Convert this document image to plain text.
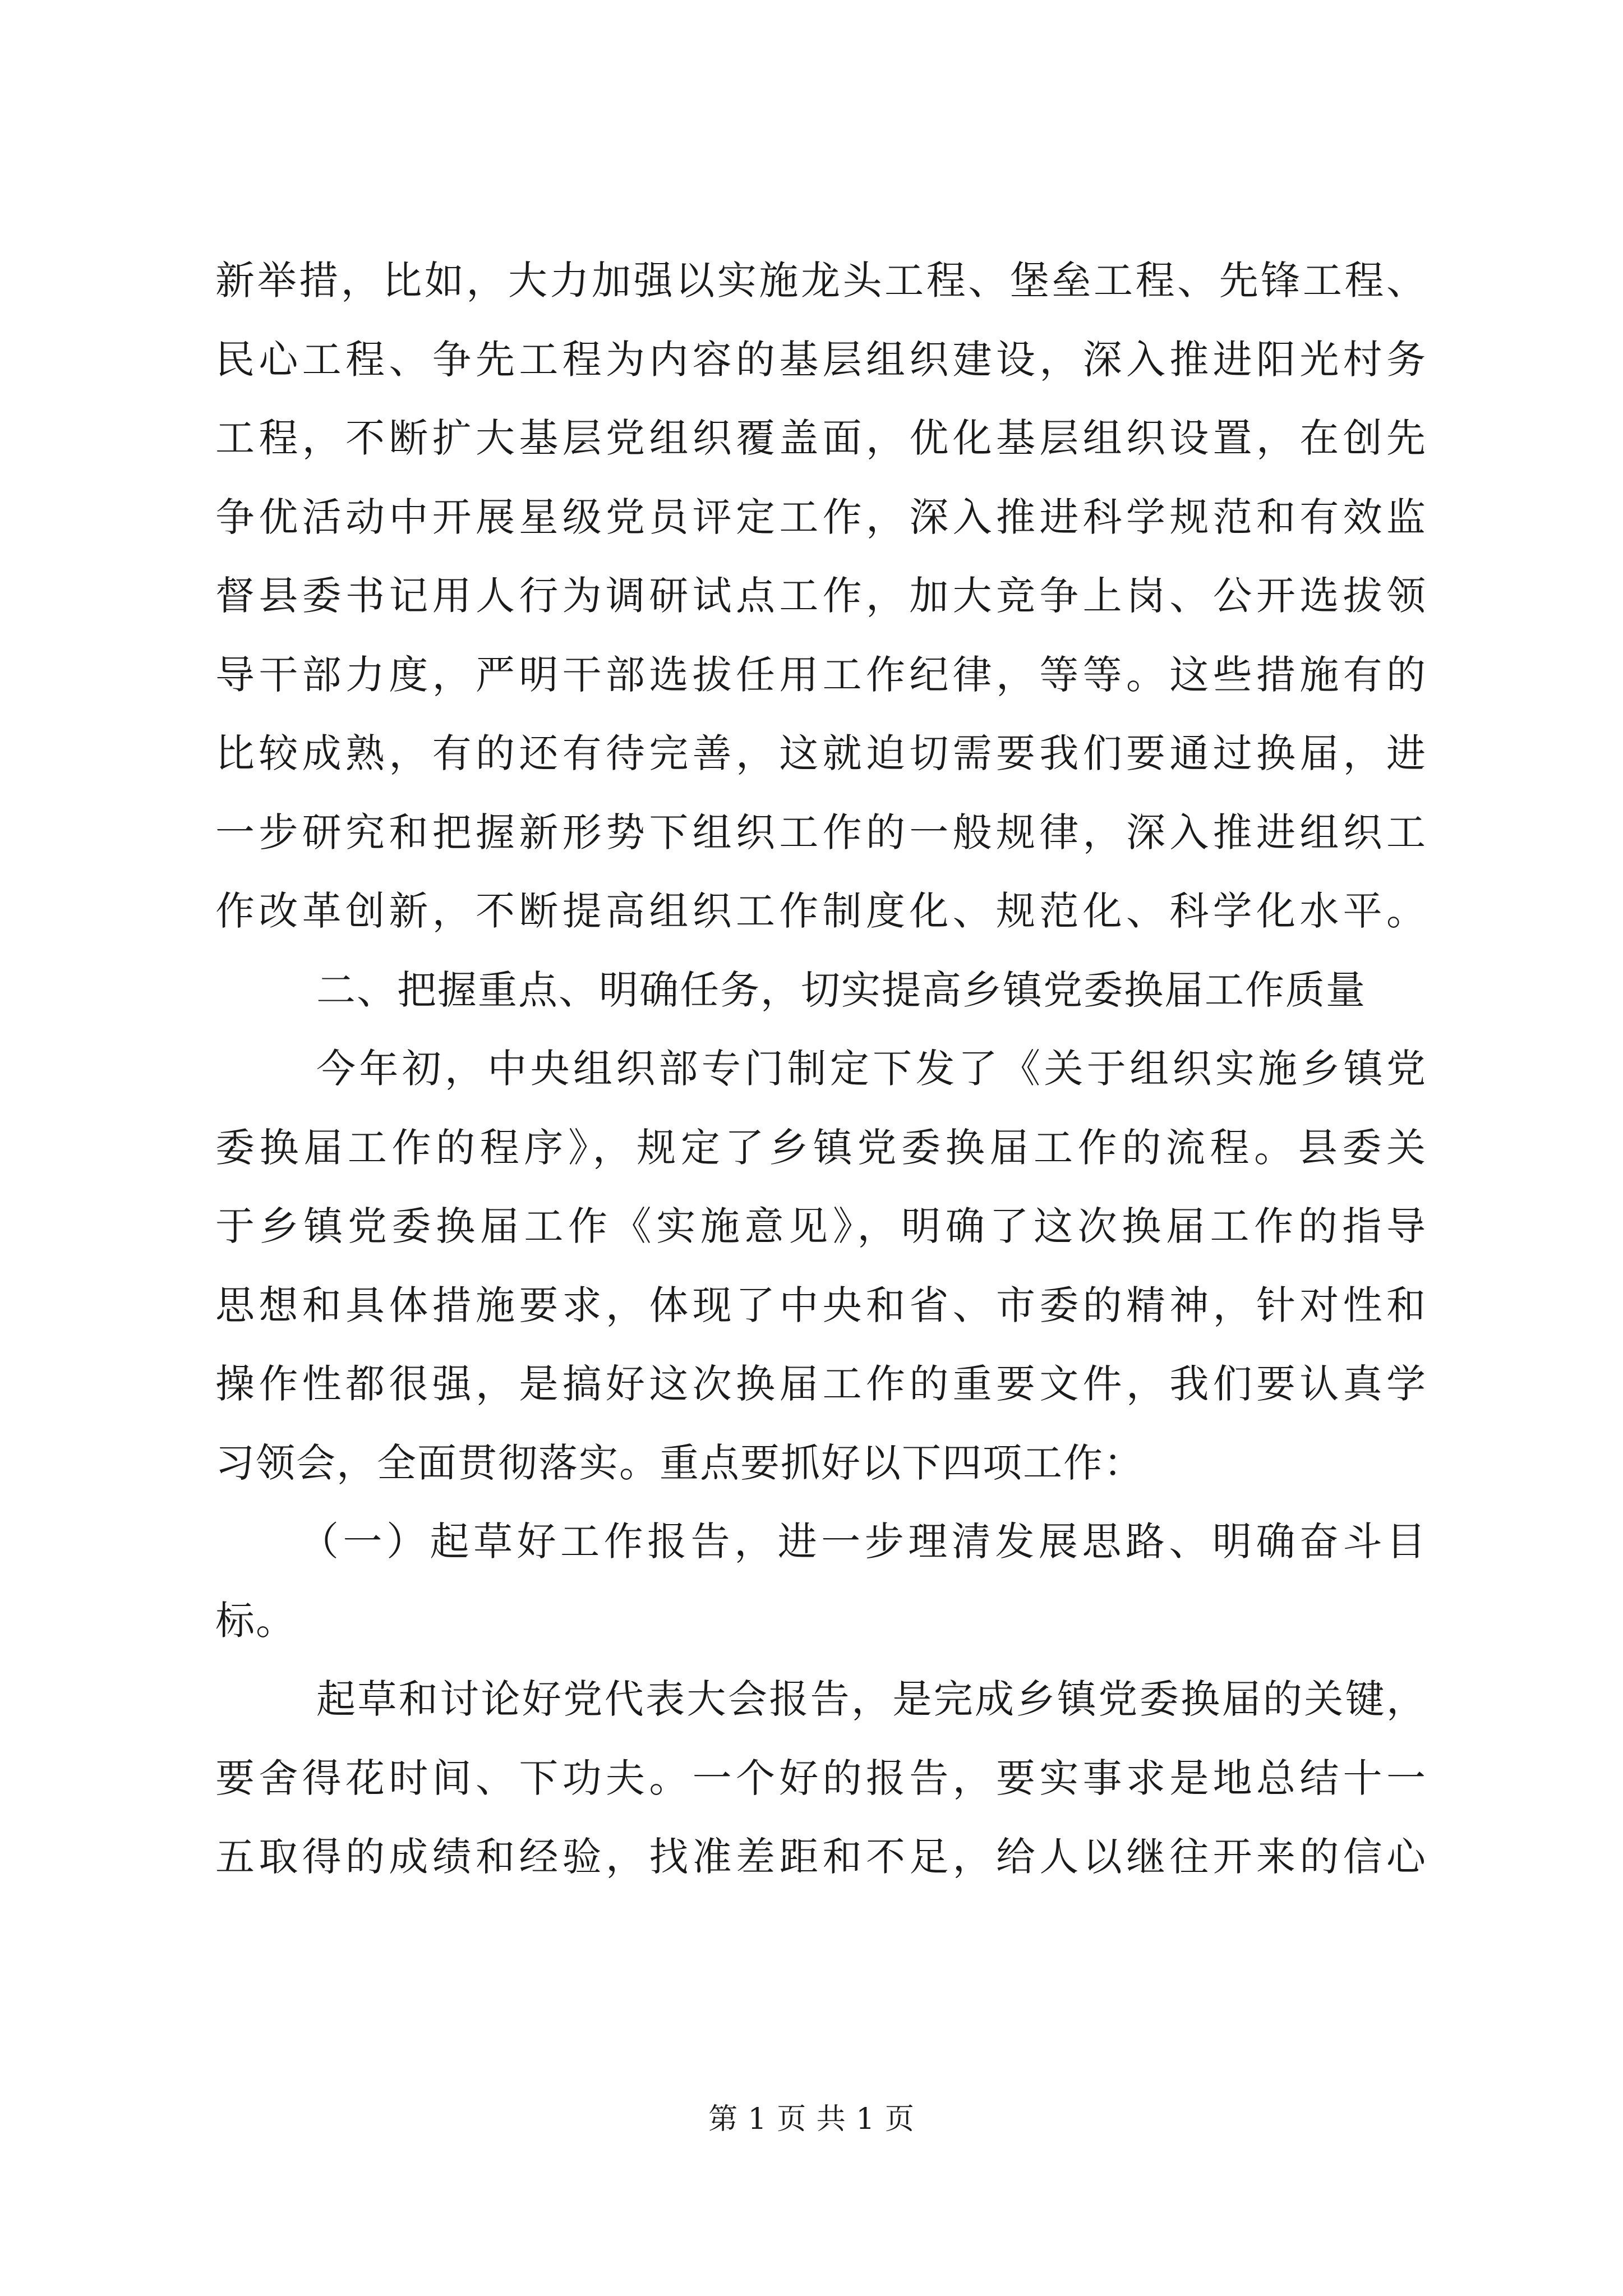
新举措，比如，大力加强以实施龙头工程、堡垒工程、先锋工程、
民心工程、争先工程为内容的基层组织建设，深入推进阳光村务
工程，不断扩大基层党组织覆盖面，优化基层组织设置，在创先
争优活动中开展星级党员评定工作，深入推进科学规范和有效监
督县委书记用人行为调研试点工作，加大竞争上岗、公开选拔领
导干部力度，严明干部选拔任用工作纪律，等等。这些措施有的
比较成熟，有的还有待完善，这就迫切需要我们要通过换届，进
一步研究和把握新形势下组织工作的一般规律，深入推进组织工
作改革创新，不断提高组织工作制度化、规范化、科学化水平。
二、把握重点、明确任务，切实提高乡镇党委换届工作质量
今年初，中央组织部专门制定下发了《关于组织实施乡镇党
委换届工作的程序》，规定了乡镇党委换届工作的流程。县委关
于乡镇党委换届工作《实施意见》，明确了这次换届工作的指导
思想和具体措施要求，体现了中央和省、市委的精神，针对性和
操作性都很强，是搞好这次换届工作的重要文件，我们要认真学
习领会，全面贯彻落实。重点要抓好以下四项工作：
（一）起草好工作报告，进一步理清发展思路、明确奋斗目
标。
起草和讨论好党代表大会报告，是完成乡镇党委换届的关键，
要舍得花时间、下功夫。一个好的报告，要实事求是地总结十一
五取得的成绩和经验，找准差距和不足，给人以继往开来的信心
第 1 页 共 1 页
